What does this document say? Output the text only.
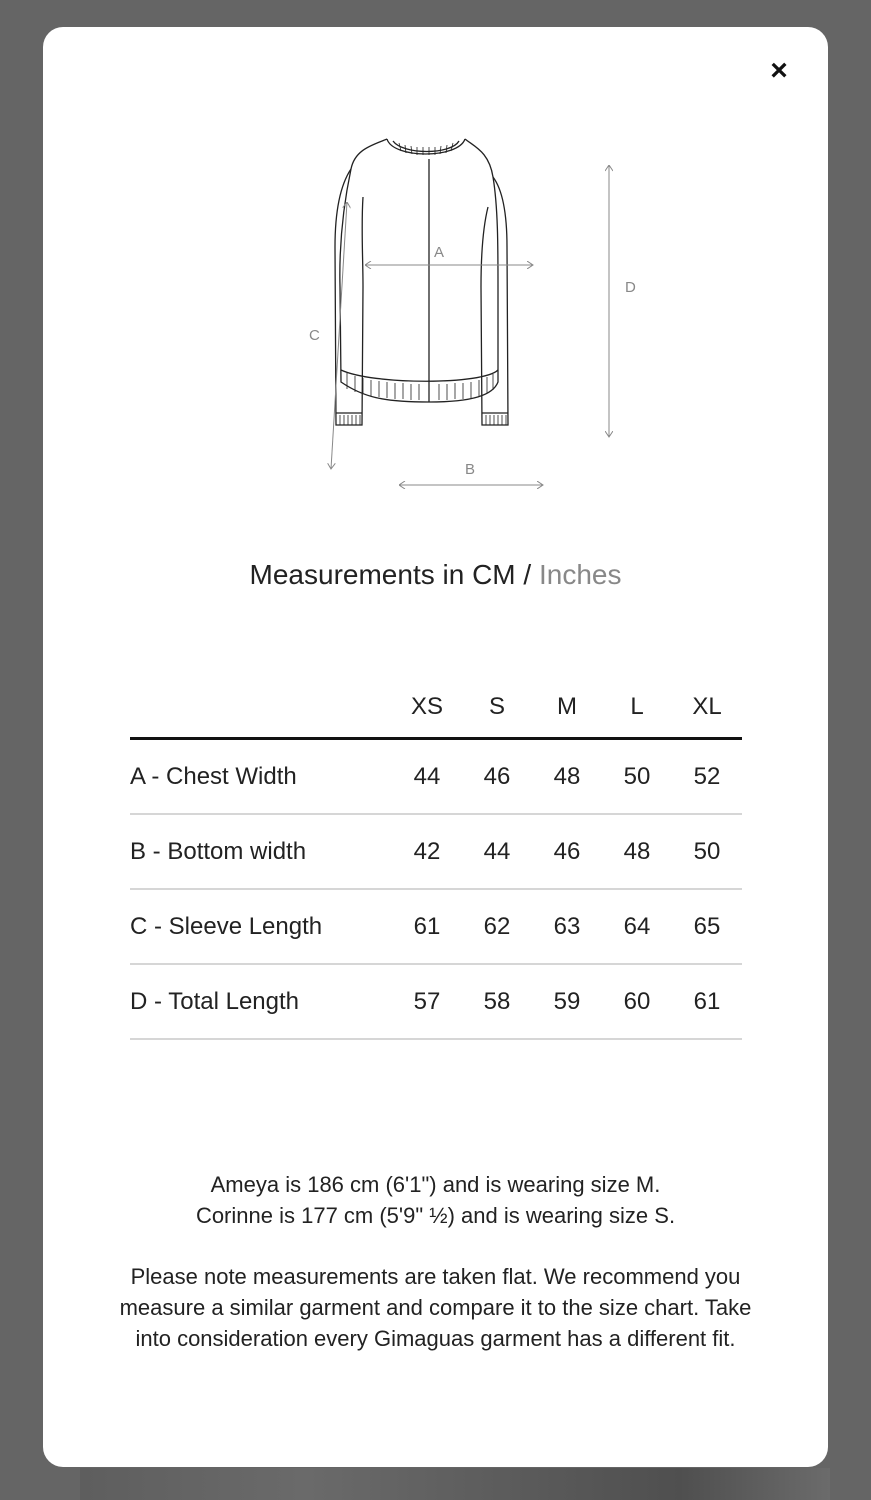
×
A
B
C
D
Measurements in CM / Inches
	XS	S	M	L	XL
A - Chest Width	44	46	48	50	52
B - Bottom width	42	44	46	48	50
C - Sleeve Length	61	62	63	64	65
D - Total Length	57	58	59	60	61

Ameya is 186 cm (6'1") and is wearing size M.
Corinne is 177 cm (5'9" ½) and is wearing size S.

Please note measurements are taken flat. We recommend you measure a similar garment and compare it to the size chart. Take into consideration every Gimaguas garment has a different fit.
